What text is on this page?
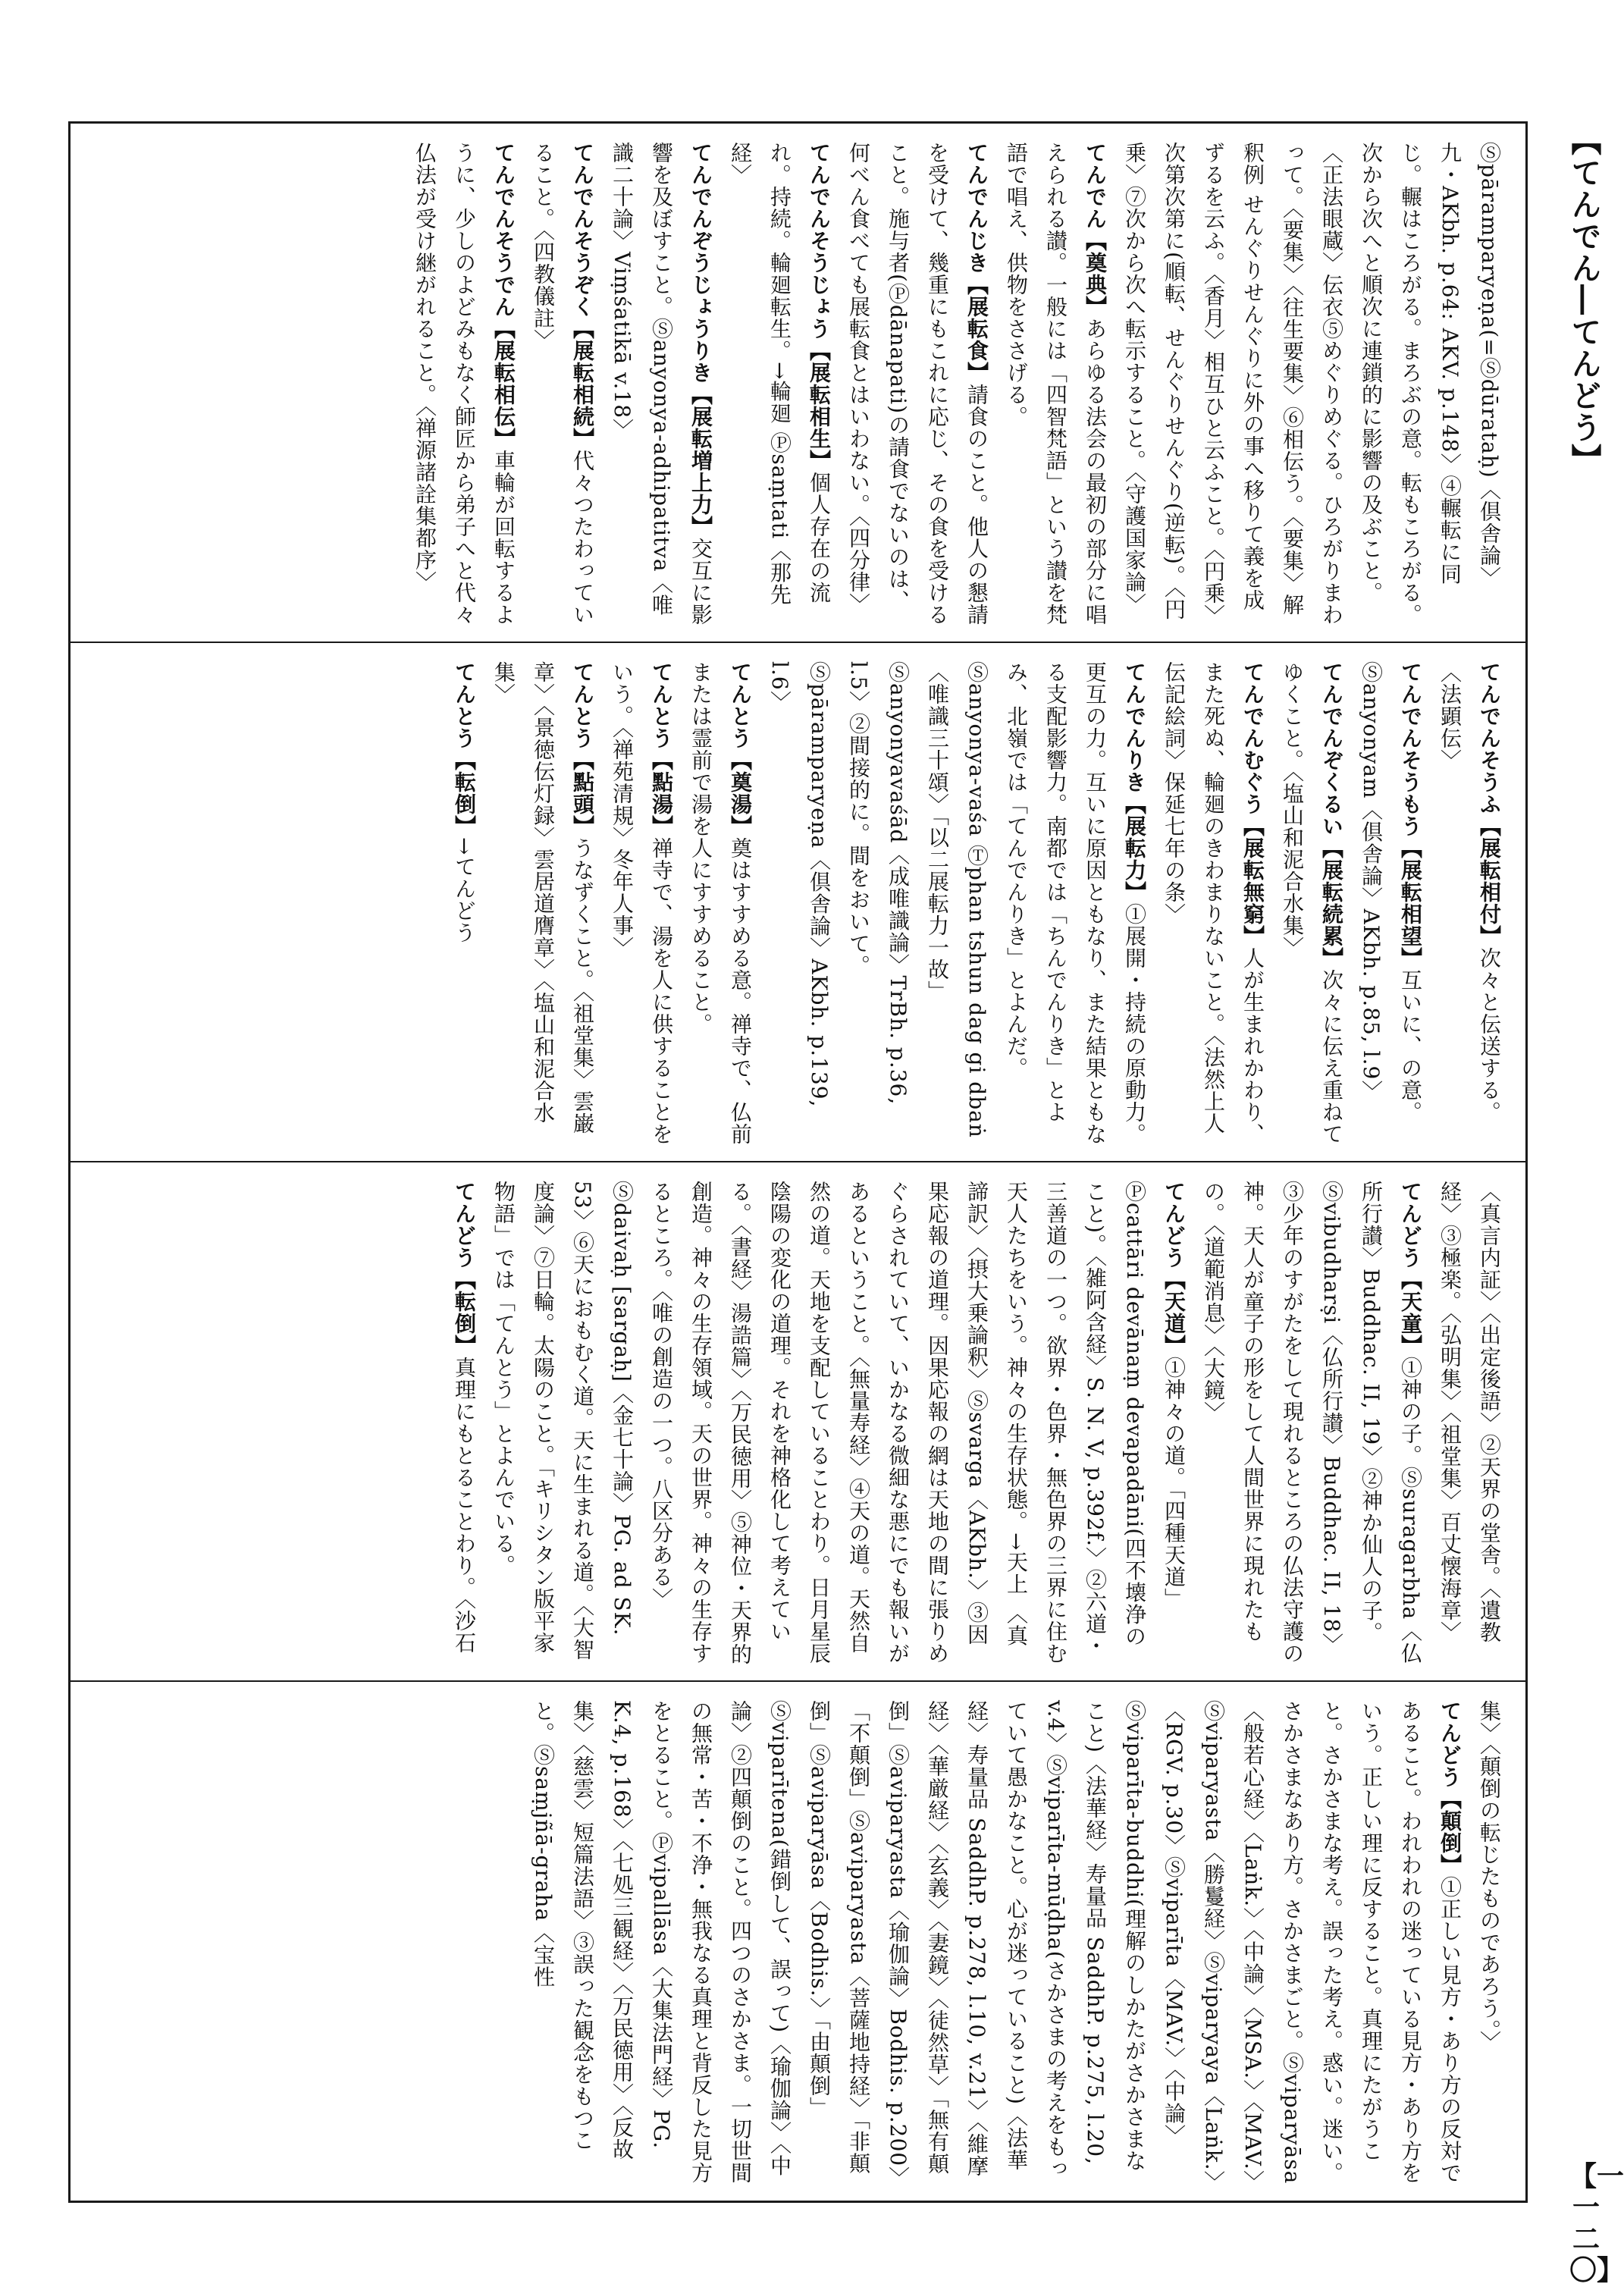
【てんでん―てんどう】

Ⓢpāramparyeṇa(=Ⓢdūrataḥ)〈倶舎論〉九・AKbh. p.64: AKV. p.148〉④輾転に同じ。輾はころがる。まろぶの意。転もころがる。次から次へと順次に連鎖的に影響の及ぶこと。〈正法眼蔵〉伝衣⑤めぐりめぐる。ひろがりまわって。〈要集〉〈往生要集〉⑥相伝う。〈要集〉解釈例 せんぐりせんぐりに外の事へ移りて義を成ずるを云ふ。〈香月〉相互ひと云ふこと。〈円乗〉次第次第に(順転、せんぐりせんぐり(逆転)。〈円乗〉⑦次から次へ転示すること。〈守護国家論〉

てんでん【奠典】あらゆる法会の最初の部分に唱えられる讃。一般には「四智梵語」という讃を梵語で唱え、供物をささげる。

てんでんじき【展転食】請食のこと。他人の懇請を受けて、幾重にもこれに応じ、その食を受けること。施与者(Ⓟdānapati)の請食でないのは、何べん食べても展転食とはいわない。〈四分律〉

てんでんそうじょう【展転相生】個人存在の流れ。持続。輪廻転生。→輪廻 Ⓟsaṃtati〈那先経〉

てんでんぞうじょうりき【展転増上力】交互に影響を及ぼすこと。Ⓢanyonya-adhipatitva〈唯識二十論〉Viṃśatikā v.18〉

てんでんそうぞく【展転相続】代々つたわっていること。〈四教儀註〉

てんでんそうでん【展転相伝】車輪が回転するように、少しのよどみもなく師匠から弟子へと代々仏法が受け継がれること。〈禅源諸詮集都序〉

てんでんそうふ【展転相付】次々と伝送する。〈法顕伝〉

てんでんそうもう【展転相望】互いに、の意。Ⓢanyonyam〈倶舎論〉AKbh. p.85, l.9〉

てんでんぞくるい【展転続累】次々に伝え重ねてゆくこと。〈塩山和泥合水集〉

てんでんむぐう【展転無窮】人が生まれかわり、また死ぬ、輪廻のきわまりないこと。〈法然上人伝記絵詞〉保延七年の条〉

てんでんりき【展転力】①展開・持続の原動力。更互の力。互いに原因ともなり、また結果ともなる支配影響力。南都では「ちんでんりき」とよみ、北嶺では「てんでんりき」とよんだ。Ⓢanyonya-vaśa Ⓣphan tshun dag gi dbaṅ〈唯識三十頌〉「以二展転力一故」Ⓢanyonyavaśād〈成唯識論〉TrBh. p.36, l.5〉②間接的に。間をおいて。Ⓢpāramparyeṇa〈倶舎論〉AKbh. p.139, l.6〉

てんとう【奠湯】奠はすすめる意。禅寺で、仏前または霊前で湯を人にすすめること。

てんとう【點湯】禅寺で、湯を人に供することをいう。〈禅苑清規〉冬年人事〉

てんとう【點頭】うなずくこと。〈祖堂集〉雲巌章〉〈景徳伝灯録〉雲居道膺章〉〈塩山和泥合水集〉

てんとう【転倒】→てんどう

〈真言内証〉〈出定後語〉②天界の堂舎。〈遺教経〉③極楽。〈弘明集〉〈祖堂集〉百丈懐海章〉

てんどう【天童】①神の子。Ⓢsuragarbha〈仏所行讃〉Buddhac. II, 19〉②神か仙人の子。Ⓢvibudharṣi〈仏所行讃〉Buddhac. II, 18〉③少年のすがたをして現れるところの仏法守護の神。天人が童子の形をして人間世界に現れたもの。〈道範消息〉〈大鏡〉

てんどう【天道】①神々の道。「四種天道」Ⓟcattāri devānaṃ devapadāni(四不壊浄のこと)。〈雑阿含経〉S. N. V, p.392f.〉②六道・三善道の一つ。欲界・色界・無色界の三界に住む天人たちをいう。神々の生存状態。→天上 〈真諦訳〉〈摂大乗論釈〉Ⓢsvarga〈AKbh.〉③因果応報の道理。因果応報の網は天地の間に張りめぐらされていて、いかなる微細な悪にでも報いがあるということ。〈無量寿経〉④天の道。天然自然の道。天地を支配していることわり。日月星辰陰陽の変化の道理。それを神格化して考えている。〈書経〉湯誥篇〉〈万民徳用〉⑤神位・天界的創造。神々の生存領域。天の世界。神々の生存するところ。〈唯の創造の一つ。八区分ある〉Ⓢdaivaḥ [sargaḥ]〈金七十論〉PG. ad SK. 53〉⑥天におもむく道。天に生まれる道。〈大智度論〉⑦日輪。太陽のこと。「キリシタン版平家物語」では「てんとう」とよんでいる。

てんどう【転倒】真理にもとることわり。〈沙石

集〉〈顛倒の転じたものであろう。〉

てんどう【顛倒】①正しい見方・あり方の反対であること。われわれの迷っている見方・あり方をいう。正しい理に反すること。真理にたがうこと。さかさまな考え。誤った考え。惑い。迷い。さかさまなあり方。さかさまごと。Ⓢviparyāsa〈般若心経〉〈Laṅk.〉〈中論〉〈MSA.〉〈MAV.〉Ⓢviparyasta〈勝鬘経〉Ⓢviparyaya〈Laṅk.〉〈RGV. p.30〉Ⓢviparīta〈MAV.〉〈中論〉Ⓢviparīta-buddhi(理解のしかたがさかさまなこと)〈法華経〉寿量品 SaddhP. p.275, l.20, v.4〉Ⓢviparīta-mūḍha(さかさまの考えをもっていて愚かなこと。心が迷っていること)〈法華経〉寿量品 SaddhP. p.278, l.10, v.21〉〈維摩経〉〈華厳経〉〈玄義〉〈妻鏡〉〈徒然草〉「無有顛倒」Ⓢaviparyasta〈瑜伽論〉Bodhis. p.200〉「不顛倒」Ⓢaviparyasta〈菩薩地持経〉「非顛倒」Ⓢaviparyāsa〈Bodhis.〉「由顛倒」Ⓢviparītena(錯倒して、誤って)〈瑜伽論〉〈中論〉②四顛倒のこと。四つのさかさま。一切世間の無常・苦・不浄・無我なる真理と背反した見方をとること。Ⓟvipallāsa〈大集法門経〉PG. K.4, p.168〉〈七処三観経〉〈万民徳用〉〈反故集〉〈慈雲〉短篇法語〉③誤った観念をもつこと。Ⓢsaṃjñā-graha〈宝性

【一一二〇】
